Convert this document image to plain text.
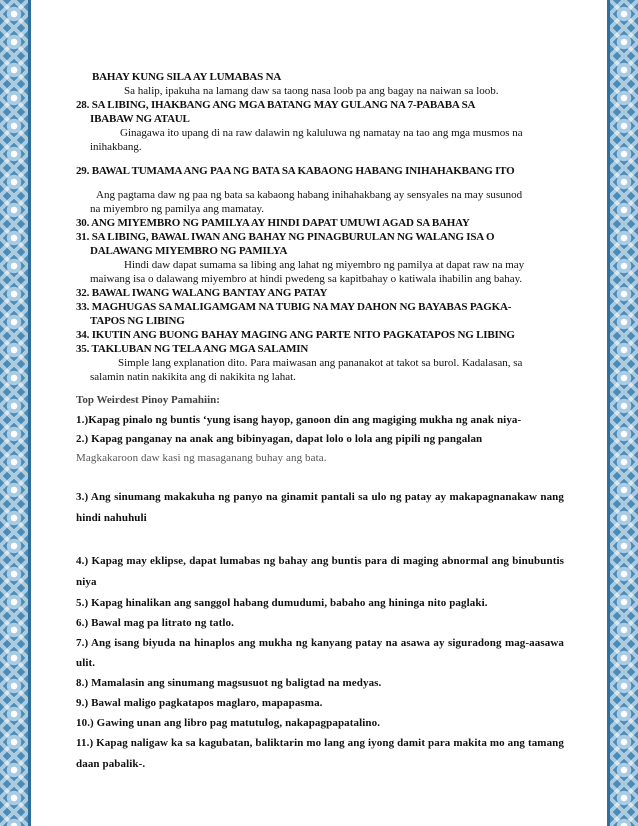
BAHAY KUNG SILA AY LUMABAS NA
Sa halip, ipakuha na lamang daw sa taong nasa loob pa ang bagay na naiwan sa loob.
28. SA LIBING, IHAKBANG ANG MGA BATANG MAY GULANG NA 7-PABABA SA
IBABAW NG ATAUL
Ginagawa ito upang di na raw dalawin ng kaluluwa ng namatay na tao ang mga musmos na
inihakbang.
29. BAWAL TUMAMA ANG PAA NG BATA SA KABAONG HABANG INIHAHAKBANG ITO
Ang pagtama daw ng paa ng bata sa kabaong habang inihahakbang ay sensyales na may susunod
na miyembro ng pamilya ang mamatay.
30. ANG MIYEMBRO NG PAMILYA AY HINDI DAPAT UMUWI AGAD SA BAHAY
31. SA LIBING, BAWAL IWAN ANG BAHAY NG PINAGBURULAN NG WALANG ISA O
DALAWANG MIYEMBRO NG PAMILYA
Hindi daw dapat sumama sa libing ang lahat ng miyembro ng pamilya at dapat raw na may
maiwang isa o dalawang miyembro at hindi pwedeng sa kapitbahay o katiwala ihabilin ang bahay.
32. BAWAL IWANG WALANG BANTAY ANG PATAY
33. MAGHUGAS SA MALIGAMGAM NA TUBIG NA MAY DAHON NG BAYABAS PAGKA-
TAPOS NG LIBING
34. IKUTIN ANG BUONG BAHAY MAGING ANG PARTE NITO PAGKATAPOS NG LIBING
35. TAKLUBAN NG TELA ANG MGA SALAMIN
Simple lang explanation dito. Para maiwasan ang pananakot at takot sa burol. Kadalasan, sa
salamin natin nakikita ang di nakikita ng lahat.
Top Weirdest Pinoy Pamahiin:

1.)Kapag pinalo ng buntis ‘yung isang hayop, ganoon din ang magiging mukha ng anak niya-

2.) Kapag panganay na anak ang bibinyagan, dapat lolo o lola ang pipili ng pangalan

Magkakaroon daw kasi ng masaganang buhay ang bata.

3.) Ang sinumang makakuha ng panyo na ginamit pantali sa ulo ng patay ay makapagnanakaw nang hindi nahuhuli

4.) Kapag may eklipse, dapat lumabas ng bahay ang buntis para di maging abnormal ang binubuntis niya

5.) Kapag hinalikan ang sanggol habang dumudumi, babaho ang hininga nito paglaki.

6.) Bawal mag pa litrato ng tatlo.

7.) Ang isang biyuda na hinaplos ang mukha ng kanyang patay na asawa ay siguradong mag-aasawa ulit.

8.) Mamalasin ang sinumang magsusuot ng baligtad na medyas.

9.) Bawal maligo pagkatapos maglaro, mapapasma.

10.) Gawing unan ang libro pag matutulog, nakapagpapatalino.

11.) Kapag naligaw ka sa kagubatan, baliktarin mo lang ang iyong damit para makita mo ang tamang daan pabalik-.
